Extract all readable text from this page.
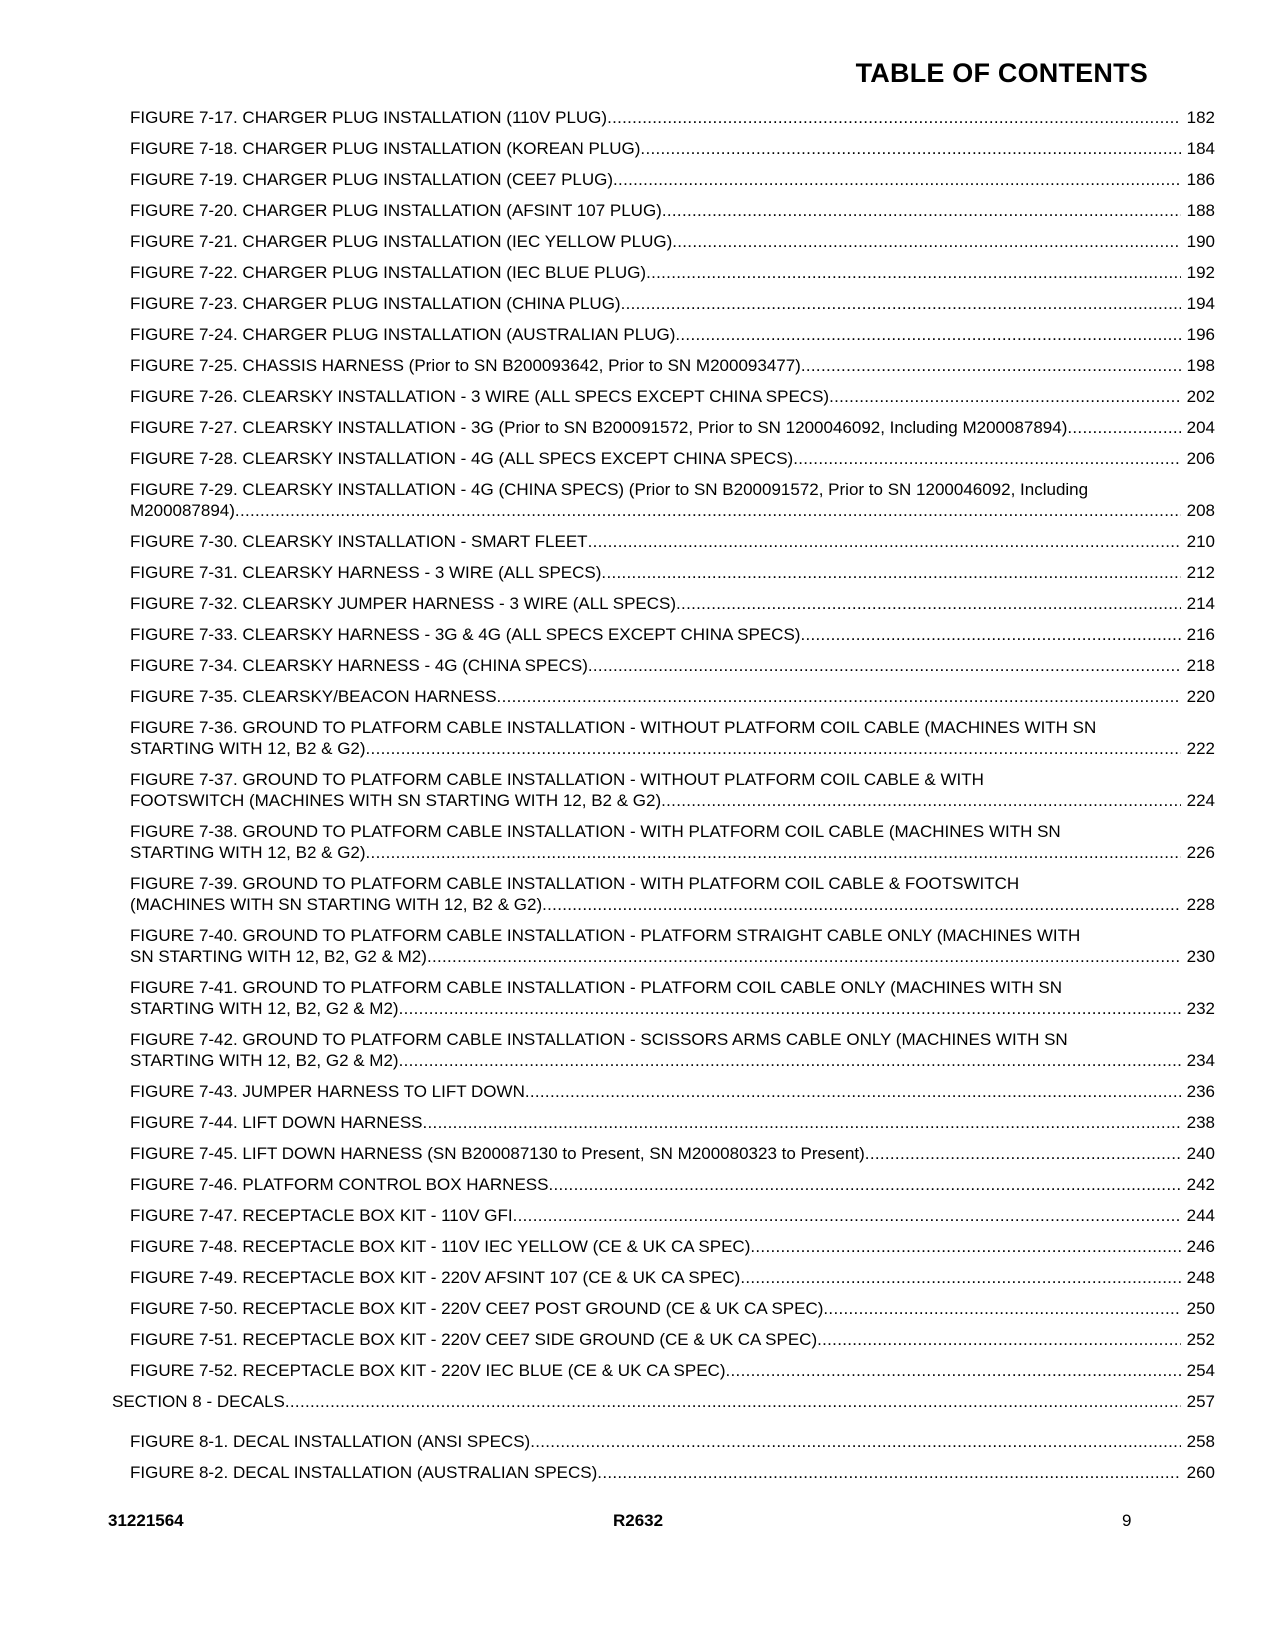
TABLE OF CONTENTS
FIGURE 7-17. CHARGER PLUG INSTALLATION (110V PLUG) .....	182
FIGURE 7-18. CHARGER PLUG INSTALLATION (KOREAN PLUG) .....	184
FIGURE 7-19. CHARGER PLUG INSTALLATION (CEE7 PLUG) .....	186
FIGURE 7-20. CHARGER PLUG INSTALLATION (AFSINT 107 PLUG) .....	188
FIGURE 7-21. CHARGER PLUG INSTALLATION (IEC YELLOW PLUG) .....	190
FIGURE 7-22. CHARGER PLUG INSTALLATION (IEC BLUE PLUG) .....	192
FIGURE 7-23. CHARGER PLUG INSTALLATION (CHINA PLUG) .....	194
FIGURE 7-24. CHARGER PLUG INSTALLATION (AUSTRALIAN PLUG) .....	196
FIGURE 7-25. CHASSIS HARNESS (Prior to SN B200093642, Prior to SN M200093477) .....	198
FIGURE 7-26. CLEARSKY INSTALLATION - 3 WIRE (ALL SPECS EXCEPT CHINA SPECS) .....	202
FIGURE 7-27. CLEARSKY INSTALLATION - 3G (Prior to SN B200091572, Prior to SN 1200046092, Including M200087894) .....	204
FIGURE 7-28. CLEARSKY INSTALLATION - 4G (ALL SPECS EXCEPT CHINA SPECS) .....	206
FIGURE 7-29. CLEARSKY INSTALLATION - 4G (CHINA SPECS) (Prior to SN B200091572, Prior to SN 1200046092, Including
M200087894) .....	208
FIGURE 7-30. CLEARSKY INSTALLATION - SMART FLEET .....	210
FIGURE 7-31. CLEARSKY HARNESS - 3 WIRE (ALL SPECS) .....	212
FIGURE 7-32. CLEARSKY JUMPER HARNESS - 3 WIRE (ALL SPECS) .....	214
FIGURE 7-33. CLEARSKY HARNESS - 3G & 4G (ALL SPECS EXCEPT CHINA SPECS) .....	216
FIGURE 7-34. CLEARSKY HARNESS - 4G (CHINA SPECS) .....	218
FIGURE 7-35. CLEARSKY/BEACON HARNESS .....	220
FIGURE 7-36. GROUND TO PLATFORM CABLE INSTALLATION - WITHOUT PLATFORM COIL CABLE (MACHINES WITH SN
STARTING WITH 12, B2 & G2) .....	222
FIGURE 7-37. GROUND TO PLATFORM CABLE INSTALLATION - WITHOUT PLATFORM COIL CABLE & WITH
FOOTSWITCH (MACHINES WITH SN STARTING WITH 12, B2 & G2) .....	224
FIGURE 7-38. GROUND TO PLATFORM CABLE INSTALLATION - WITH PLATFORM COIL CABLE (MACHINES WITH SN
STARTING WITH 12, B2 & G2) .....	226
FIGURE 7-39. GROUND TO PLATFORM CABLE INSTALLATION - WITH PLATFORM COIL CABLE & FOOTSWITCH
(MACHINES WITH SN STARTING WITH 12, B2 & G2) .....	228
FIGURE 7-40. GROUND TO PLATFORM CABLE INSTALLATION - PLATFORM STRAIGHT CABLE ONLY (MACHINES WITH
SN STARTING WITH 12, B2, G2 & M2) .....	230
FIGURE 7-41. GROUND TO PLATFORM CABLE INSTALLATION - PLATFORM COIL CABLE ONLY (MACHINES WITH SN
STARTING WITH 12, B2, G2 & M2) .....	232
FIGURE 7-42. GROUND TO PLATFORM CABLE INSTALLATION - SCISSORS ARMS CABLE ONLY (MACHINES WITH SN
STARTING WITH 12, B2, G2 & M2) .....	234
FIGURE 7-43. JUMPER HARNESS TO LIFT DOWN .....	236
FIGURE 7-44. LIFT DOWN HARNESS .....	238
FIGURE 7-45. LIFT DOWN HARNESS (SN B200087130 to Present, SN M200080323 to Present) .....	240
FIGURE 7-46. PLATFORM CONTROL BOX HARNESS .....	242
FIGURE 7-47. RECEPTACLE BOX KIT - 110V GFI .....	244
FIGURE 7-48. RECEPTACLE BOX KIT - 110V IEC YELLOW (CE & UK CA SPEC) .....	246
FIGURE 7-49. RECEPTACLE BOX KIT - 220V AFSINT 107 (CE & UK CA SPEC) .....	248
FIGURE 7-50. RECEPTACLE BOX KIT - 220V CEE7 POST GROUND (CE & UK CA SPEC) .....	250
FIGURE 7-51. RECEPTACLE BOX KIT - 220V CEE7 SIDE GROUND (CE & UK CA SPEC) .....	252
FIGURE 7-52. RECEPTACLE BOX KIT - 220V IEC BLUE (CE & UK CA SPEC) .....	254
SECTION 8 - DECALS .....	257
FIGURE 8-1. DECAL INSTALLATION (ANSI SPECS) .....	258
FIGURE 8-2. DECAL INSTALLATION (AUSTRALIAN SPECS) .....	260
31221564	R2632	9
